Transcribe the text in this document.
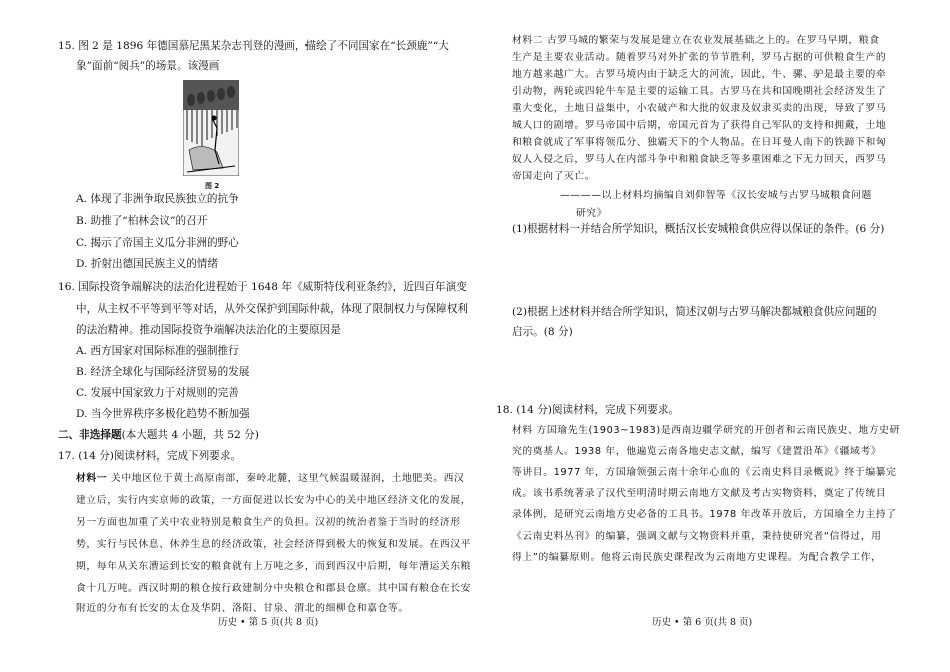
15. 图 2 是 1896 年德国慕尼黑某杂志刊登的漫画，描绘了不同国家在“长颈鹿”“大
象”面前“阅兵”的场景。该漫画
图 2
A. 体现了非洲争取民族独立的抗争
B. 助推了“柏林会议”的召开
C. 揭示了帝国主义瓜分非洲的野心
D. 折射出德国民族主义的情绪
16. 国际投资争端解决的法治化进程始于 1648 年《威斯特伐利亚条约》，近四百年演变
中，从主权不平等到平等对话，从外交保护到国际仲裁，体现了限制权力与保障权利
的法治精神。推动国际投资争端解决法治化的主要原因是
A. 西方国家对国际标准的强制推行
B. 经济全球化与国际经济贸易的发展
C. 发展中国家致力于对规则的完善
D. 当今世界秩序多极化趋势不断加强
二、非选择题(本大题共 4 小题，共 52 分)
17. (14 分)阅读材料，完成下列要求。
材料一 关中地区位于黄土高原南部，秦岭北麓，这里气候温暖湿润，土地肥美。西汉
建立后，实行内实京师的政策，一方面促进以长安为中心的关中地区经济文化的发展，
另一方面也加重了关中农业特别是粮食生产的负担。汉初的统治者鉴于当时的经济形
势，实行与民休息、休养生息的经济政策，社会经济得到极大的恢复和发展。在西汉平
期，每年从关东漕运到长安的粮食就有上万吨之多，而到西汉中后期，每年漕运关东粮
食十几万吨。西汉时期的粮仓按行政建制分中央粮仓和郡县仓廪。其中国有粮仓在长安
附近的分布有长安的太仓及华阴、洛阳、甘泉、渭北的细柳仓和嘉仓等。
历史 • 第 5 页(共 8 页)
材料二 古罗马城的繁荣与发展是建立在农业发展基础之上的。在罗马早期，粮食
生产是主要农业活动。随着罗马对外扩张的节节胜利，罗马占据的可供粮食生产的
地方越来越广大。古罗马境内由于缺乏大的河流，因此，牛、骡、驴是最主要的牵
引动物，两轮或四轮牛车是主要的运输工具。古罗马在共和国晚期社会经济发生了
重大变化，土地日益集中，小农破产和大批的奴隶及奴隶买卖的出现，导致了罗马
城人口的剧增。罗马帝国中后期，帝国元首为了获得自己军队的支持和拥戴，土地
和粮食就成了军事将领瓜分、独霸天下的个人物品。在日耳曼人南下的铁蹄下和匈
奴人入侵之后，罗马人在内部斗争中和粮食缺乏等多重困难之下无力回天，西罗马
帝国走向了灭亡。
————以上材料均摘编自刘仰智等《汉长安城与古罗马城粮食问题
研究》
(1)根据材料一并结合所学知识，概括汉长安城粮食供应得以保证的条件。(6 分)
(2)根据上述材料并结合所学知识，简述汉朝与古罗马解决都城粮食供应问题的
启示。(8 分)
18. (14 分)阅读材料，完成下列要求。
材料 方国瑜先生(1903~1983)是西南边疆学研究的开创者和云南民族史、地方史研
究的奠基人。1938 年，他遍览云南各地史志文献，编写《建置沿革》《疆域考》
等讲目。1977 年，方国瑜领强云南十余年心血的《云南史料目录概说》终于编纂完
成。该书系统著录了汉代至明清时期云南地方文献及考古实物资料，奠定了传统目
录体例，是研究云南地方史必备的工具书。1978 年改革开放后，方国瑜全力主持了
《云南史料丛刊》的编纂，强调文献与文物资料并重，秉持使研究者“信得过，用
得上”的编纂原则。他将云南民族史课程改为云南地方史课程。为配合教学工作，
历史 • 第 6 页(共 8 页)
